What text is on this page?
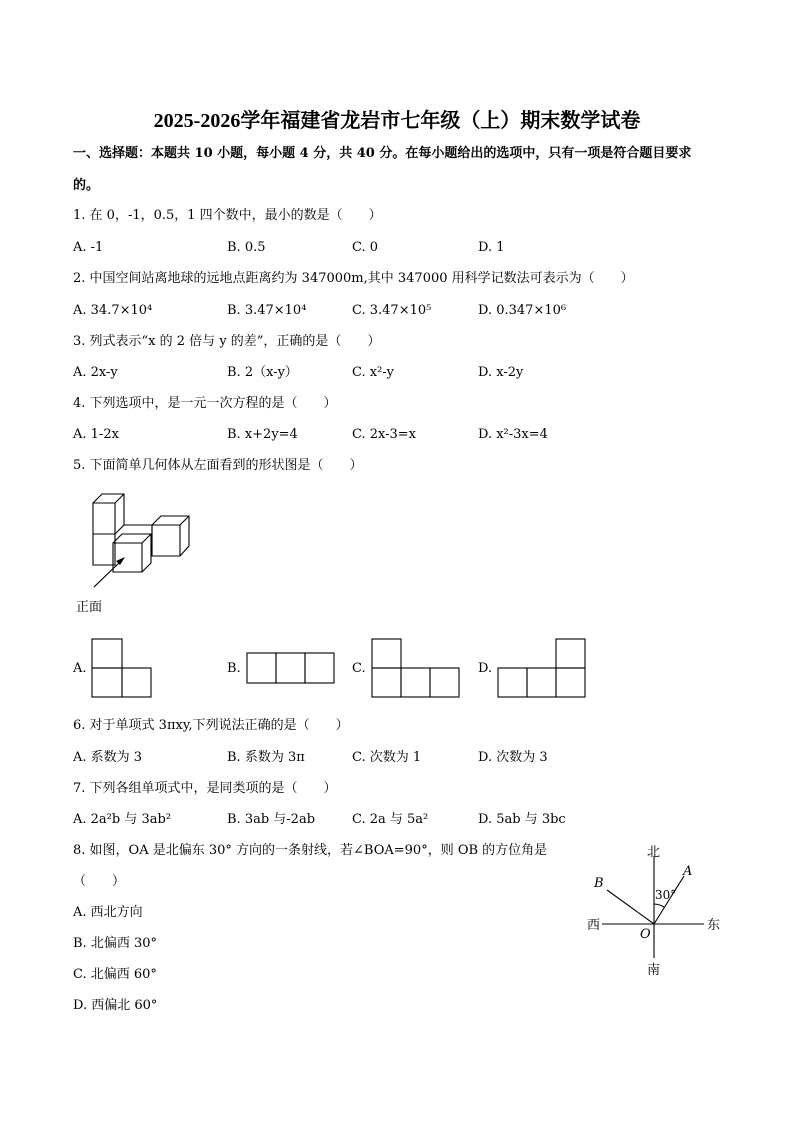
2025-2026学年福建省龙岩市七年级（上）期末数学试卷
一、选择题：本题共 10 小题，每小题 4 分，共 40 分。在每小题给出的选项中，只有一项是符合题目要求
的。
1. 在 0，-1，0.5，1 四个数中，最小的数是（　　）
A. -1	B. 0.5	C. 0	D. 1
2. 中国空间站离地球的远地点距离约为 347000m,其中 347000 用科学记数法可表示为（　　）
A. 34.7×10⁴	B. 3.47×10⁴	C. 3.47×10⁵	D. 0.347×10⁶
3. 列式表示“x 的 2 倍与 y 的差”，正确的是（　　）
A. 2x-y	B. 2（x-y）	C. x²-y	D. x-2y
4. 下列选项中，是一元一次方程的是（　　）
A. 1-2x	B. x+2y=4	C. 2x-3=x	D. x²-3x=4
5. 下面简单几何体从左面看到的形状图是（　　）
正面
A.	B.	C.	D.
6. 对于单项式 3πxy,下列说法正确的是（　　）
A. 系数为 3	B. 系数为 3π	C. 次数为 1	D. 次数为 3
7. 下列各组单项式中，是同类项的是（　　）
A. 2a²b 与 3ab²	B. 3ab 与-2ab	C. 2a 与 5a²	D. 5ab 与 3bc
8. 如图，OA 是北偏东 30° 方向的一条射线，若∠BOA=90°，则 OB 的方位角是
（　　）
A. 西北方向
B. 北偏西 30°
C. 北偏西 60°
D. 西偏北 60°
北
南
西	东
A
B
O
30°
